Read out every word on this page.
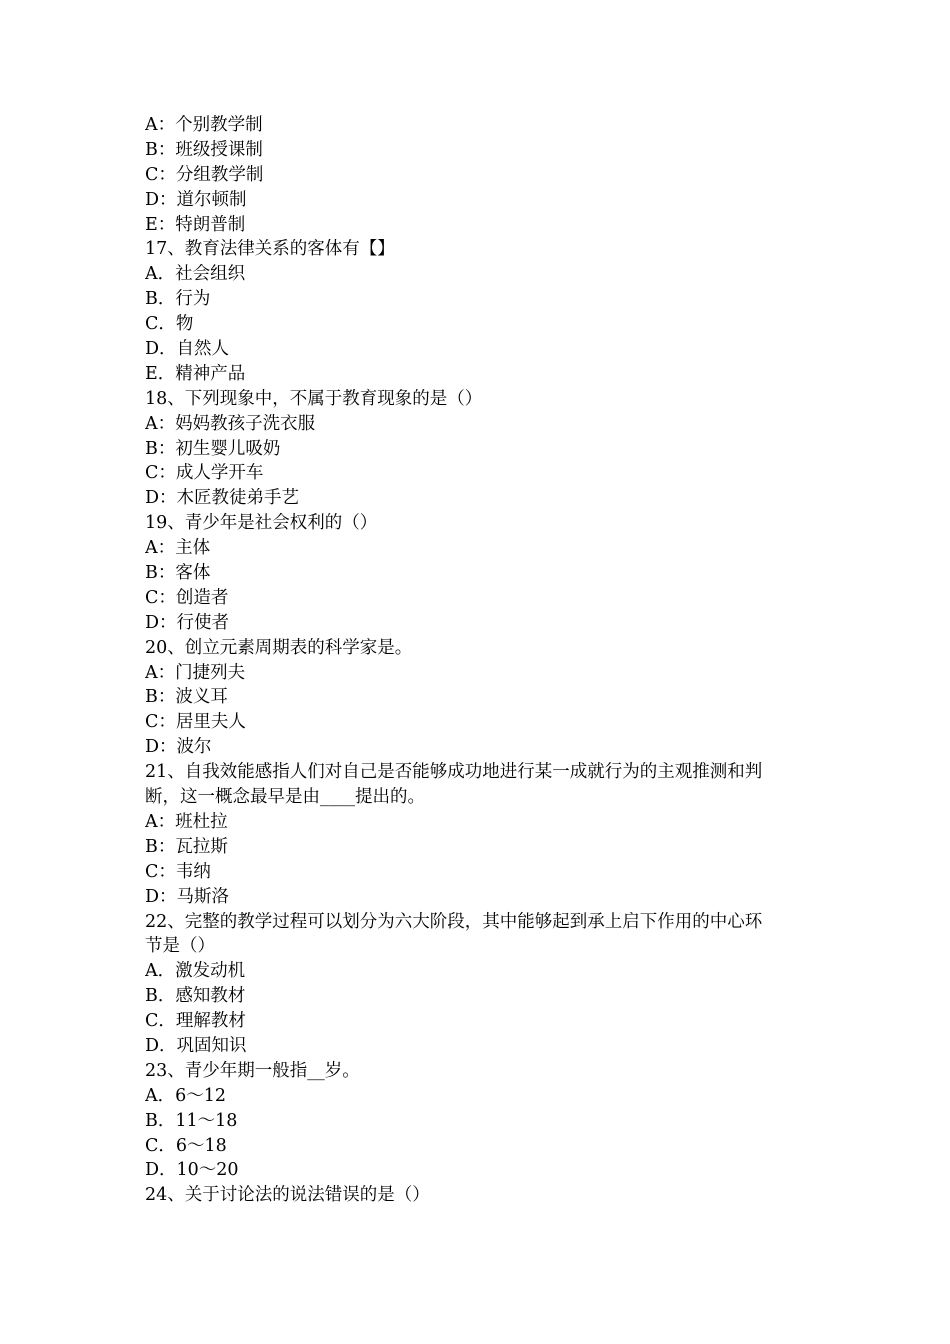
A：个别教学制
B：班级授课制
C：分组教学制
D：道尔顿制
E：特朗普制
17、教育法律关系的客体有【】
A．社会组织
B．行为
C．物
D．自然人
E．精神产品
18、下列现象中，不属于教育现象的是（）
A：妈妈教孩子洗衣服
B：初生婴儿吸奶
C：成人学开车
D：木匠教徒弟手艺
19、青少年是社会权利的（）
A：主体
B：客体
C：创造者
D：行使者
20、创立元素周期表的科学家是。
A：门捷列夫
B：波义耳
C：居里夫人
D：波尔
21、自我效能感指人们对自己是否能够成功地进行某一成就行为的主观推测和判
断，这一概念最早是由____提出的。
A：班杜拉
B：瓦拉斯
C：韦纳
D：马斯洛
22、完整的教学过程可以划分为六大阶段，其中能够起到承上启下作用的中心环
节是（）
A．激发动机
B．感知教材
C．理解教材
D．巩固知识
23、青少年期一般指__岁。
A．6～12
B．11～18
C．6～18
D．10～20
24、关于讨论法的说法错误的是（）
